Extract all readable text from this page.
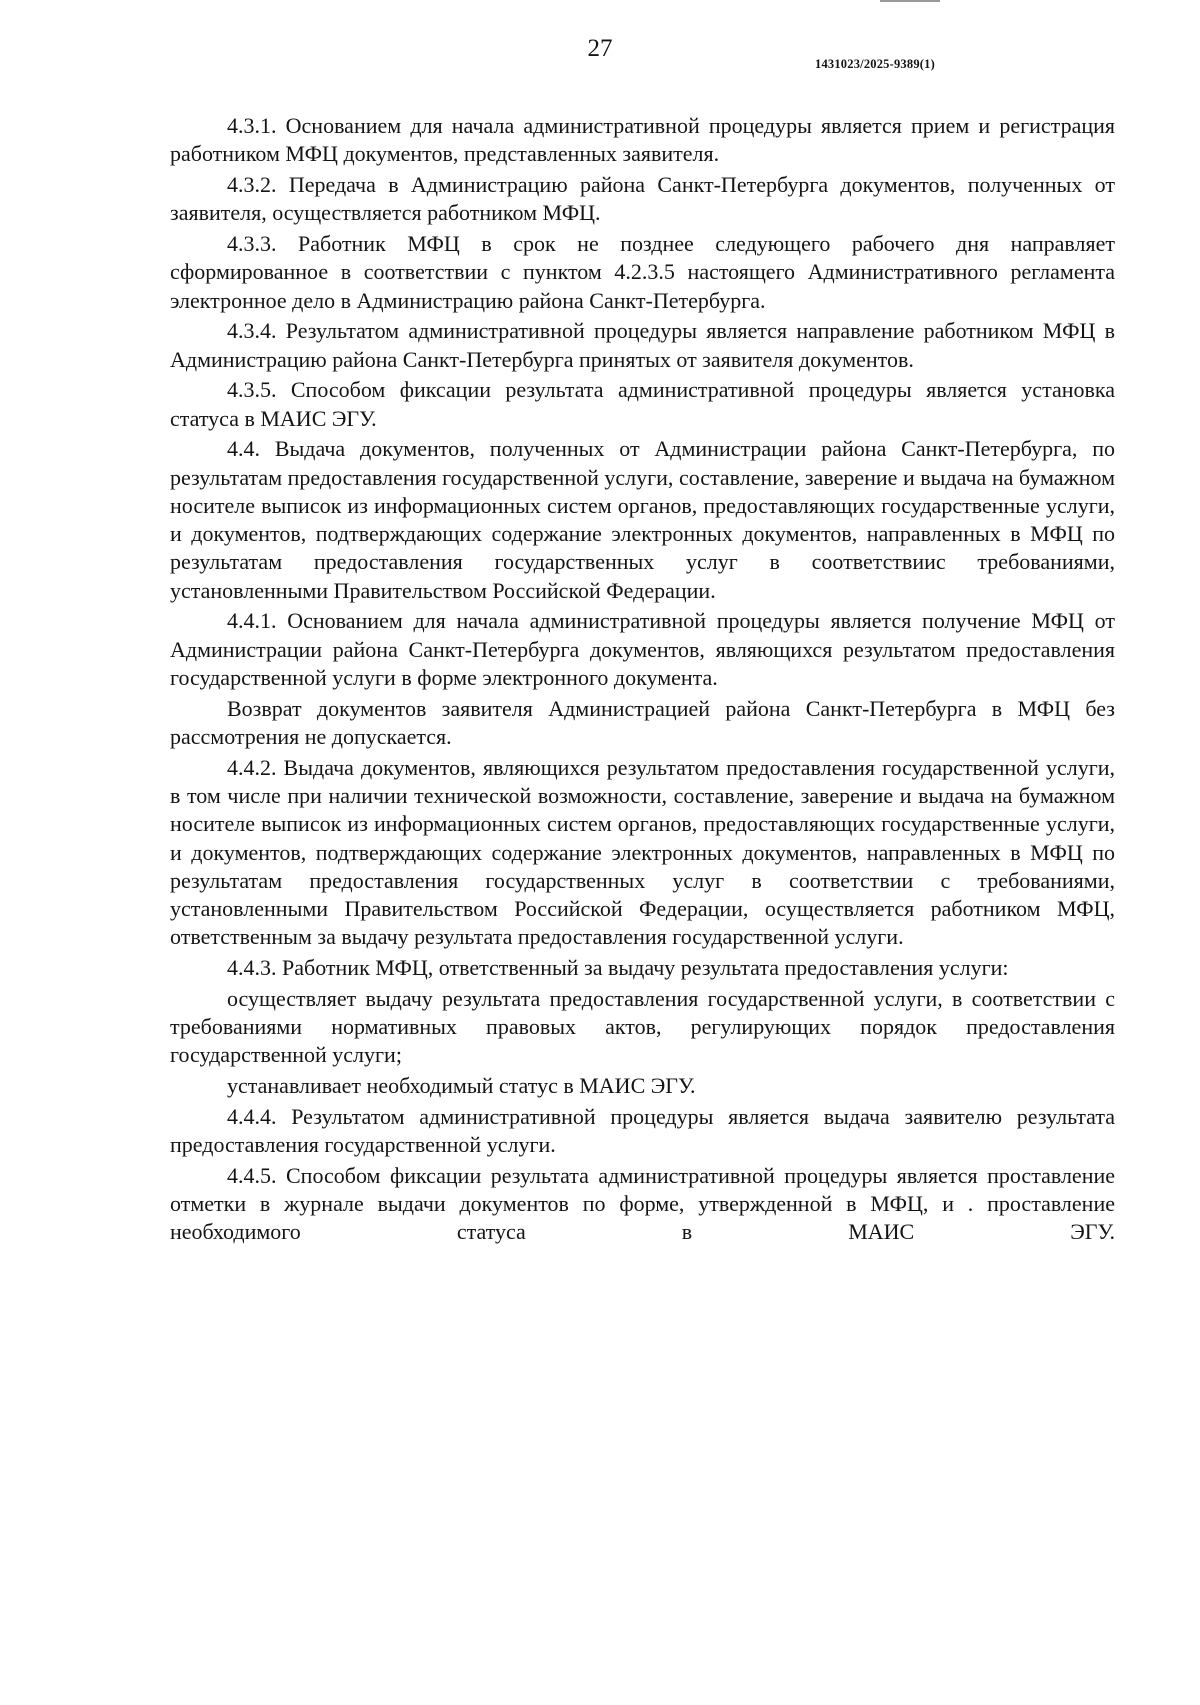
27
1431023/2025-9389(1)

4.3.1. Основанием для начала административной процедуры является прием и регистрация работником МФЦ документов, представленных заявителя.

4.3.2. Передача в Администрацию района Санкт-Петербурга документов, полученных от заявителя, осуществляется работником МФЦ.

4.3.3. Работник МФЦ в срок не позднее следующего рабочего дня направляет сформированное в соответствии с пунктом 4.2.3.5 настоящего Административного регламента электронное дело в Администрацию района Санкт-Петербурга.

4.3.4. Результатом административной процедуры является направление работником МФЦ в Администрацию района Санкт-Петербурга принятых от заявителя документов.

4.3.5. Способом фиксации результата административной процедуры является установка статуса в МАИС ЭГУ.

4.4. Выдача документов, полученных от Администрации района Санкт-Петербурга, по результатам предоставления государственной услуги, составление, заверение и выдача на бумажном носителе выписок из информационных систем органов, предоставляющих государственные услуги, и документов, подтверждающих содержание электронных документов, направленных в МФЦ по результатам предоставления государственных услуг в соответствиис требованиями, установленными Правительством Российской Федерации.

4.4.1. Основанием для начала административной процедуры является получение МФЦ от Администрации района Санкт-Петербурга документов, являющихся результатом предоставления государственной услуги в форме электронного документа.

Возврат документов заявителя Администрацией района Санкт-Петербурга в МФЦ без рассмотрения не допускается.

4.4.2. Выдача документов, являющихся результатом предоставления государственной услуги, в том числе при наличии технической возможности, составление, заверение и выдача на бумажном носителе выписок из информационных систем органов, предоставляющих государственные услуги, и документов, подтверждающих содержание электронных документов, направленных в МФЦ по результатам предоставления государственных услуг в соответствии с требованиями, установленными Правительством Российской Федерации, осуществляется работником МФЦ, ответственным за выдачу результата предоставления государственной услуги.

4.4.3. Работник МФЦ, ответственный за выдачу результата предоставления услуги:

осуществляет выдачу результата предоставления государственной услуги, в соответствии с требованиями нормативных правовых актов, регулирующих порядок предоставления государственной услуги;

устанавливает необходимый статус в МАИС ЭГУ.

4.4.4. Результатом административной процедуры является выдача заявителю результата предоставления государственной услуги.

4.4.5. Способом фиксации результата административной процедуры является проставление отметки в журнале выдачи документов по форме, утвержденной в МФЦ, и . проставление необходимого статуса в МАИС ЭГУ.
